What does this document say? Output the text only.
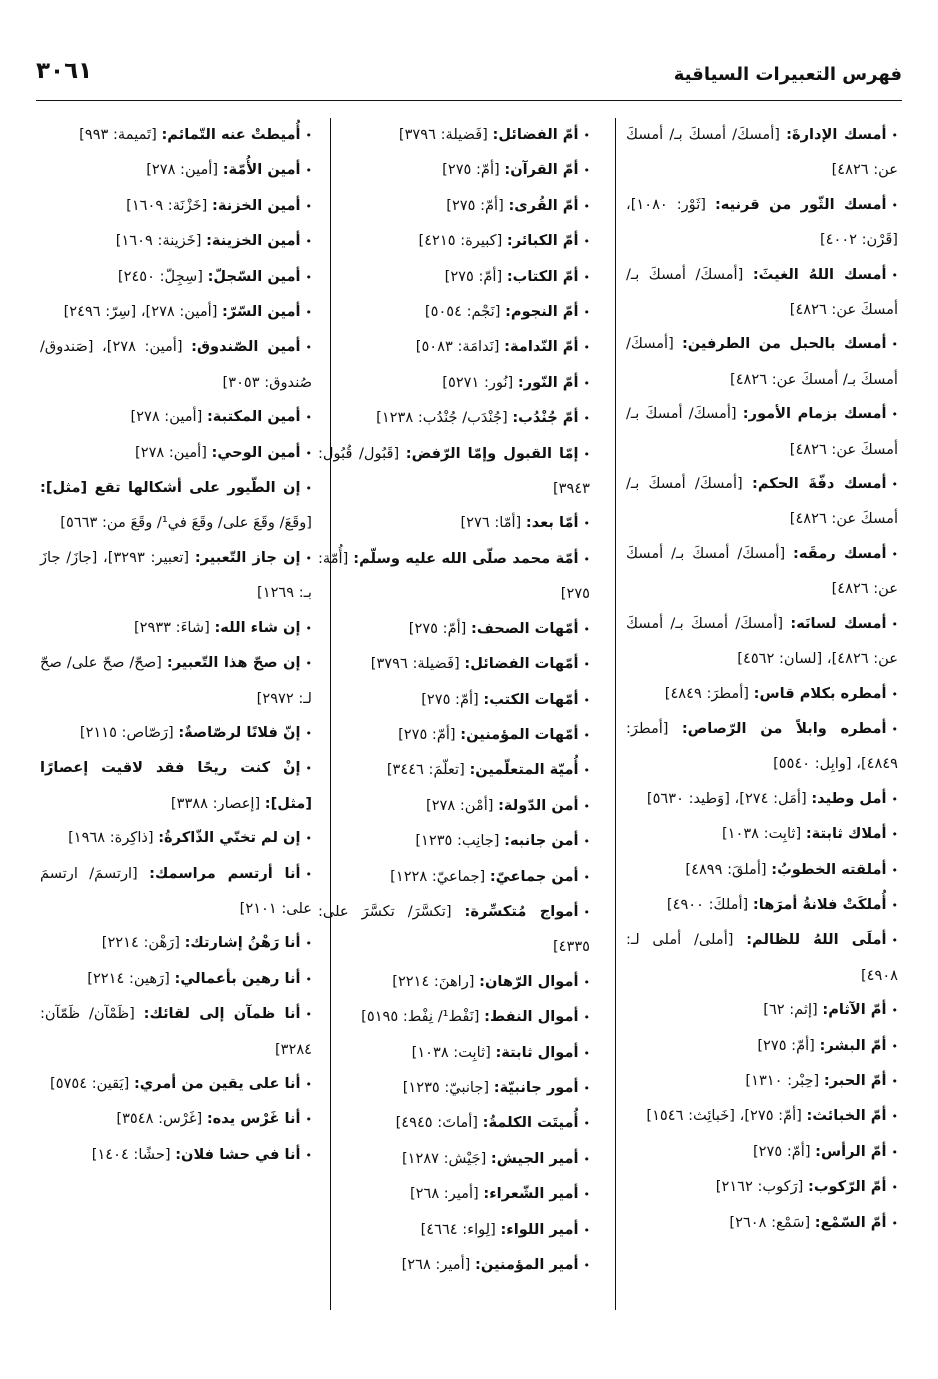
فهرس التعبيرات السياقية
٣٠٦١
•أمسك الإدارةَ: [أمسكَ/ أمسكَ بـ/ أمسكَ عن: ٤٨٢٦]
•أمسك الثّور من قرنيه: [ثَوْر: ١٠٨٠]، [قَرْن: ٤٠٠٢]
•أمسك اللهُ الغيثَ: [أمسكَ/ أمسكَ بـ/ أمسكَ عن: ٤٨٢٦]
•أمسك بالحبل من الطرفين: [أمسكَ/ أمسكَ بـ/ أمسكَ عن: ٤٨٢٦]
•أمسك بزمام الأمور: [أمسكَ/ أمسكَ بـ/ أمسكَ عن: ٤٨٢٦]
•أمسك دفّةَ الحكم: [أمسكَ/ أمسكَ بـ/ أمسكَ عن: ٤٨٢٦]
•أمسك رمقَه: [أمسكَ/ أمسكَ بـ/ أمسكَ عن: ٤٨٢٦]
•أمسك لسانَه: [أمسكَ/ أمسكَ بـ/ أمسكَ عن: ٤٨٢٦]، [لسان: ٤٥٦٢]
•أمطره بكلام قاس: [أمطرَ: ٤٨٤٩]
•أمطره وابلاً من الرّصاص: [أمطرَ: ٤٨٤٩]، [وابِل: ٥٥٤٠]
•أمل وطيد: [أمَل: ٢٧٤]، [وَطيد: ٥٦٣٠]
•أملاك ثابتة: [ثابِت: ١٠٣٨]
•أملقته الخطوبُ: [أملقَ: ٤٨٩٩]
•أُملكَتْ فلانةُ أمرَها: [أملكَ: ٤٩٠٠]
•أملَى اللهُ للظالم: [أملى/ أملى لـ: ٤٩٠٨]
•أمّ الآثام: [إثم: ٦٢]
•أمّ البشر: [أمّ: ٢٧٥]
•أمّ الحبر: [حِبْر: ١٣١٠]
•أمّ الخبائث: [أمّ: ٢٧٥]، [خَبائِث: ١٥٤٦]
•أمّ الرأس: [أمّ: ٢٧٥]
•أمّ الرّكوب: [رَكوب: ٢١٦٢]
•أمّ السّمْع: [سَمْع: ٢٦٠٨]
•أمّ الفضائل: [فَضيلة: ٣٧٩٦]
•أمّ القرآن: [أمّ: ٢٧٥]
•أمّ القُرى: [أمّ: ٢٧٥]
•أمّ الكبائر: [كبيرة: ٤٢١٥]
•أمّ الكتاب: [أمّ: ٢٧٥]
•أمّ النجوم: [نَجْم: ٥٠٥٤]
•أمّ النّدامة: [نَدامَة: ٥٠٨٣]
•أمّ النّور: [نُور: ٥٢٧١]
•أمّ جُنْدُب: [جُنْدَب/ جُنْدُب: ١٢٣٨]
•إمّا القبول وإمّا الرّفض: [قَبُول/ قُبُول: ٣٩٤٣]
•أمّا بعد: [أمّا: ٢٧٦]
•أمّة محمد صلّى الله عليه وسلّم: [أُمّة: ٢٧٥]
•أمّهات الصحف: [أمّ: ٢٧٥]
•أمّهات الفضائل: [فَضيلة: ٣٧٩٦]
•أمّهات الكتب: [أمّ: ٢٧٥]
•أمّهات المؤمنين: [أمّ: ٢٧٥]
•أُميّة المتعلّمين: [تعلّمَ: ٣٤٤٦]
•أمن الدّولة: [أمْن: ٢٧٨]
•أمن جانبه: [جانِب: ١٢٣٥]
•أمن جماعيّ: [جماعيّ: ١٢٢٨]
•أمواج مُتكسِّرة: [تكسَّرَ/ تكسَّرَ على: ٤٣٣٥]
•أموال الرّهان: [راهنَ: ٢٢١٤]
•أموال النفط: [نَفْط¹/ نِفْط: ٥١٩٥]
•أموال ثابتة: [ثابِت: ١٠٣٨]
•أمور جانبيّة: [جانبيّ: ١٢٣٥]
•أُميتَت الكلمةُ: [أماتَ: ٤٩٤٥]
•أمير الجيش: [جَيْش: ١٢٨٧]
•أمير الشّعراء: [أمير: ٢٦٨]
•أمير اللواء: [لِواء: ٤٦٦٤]
•أمير المؤمنين: [أمير: ٢٦٨]
•أُميطتْ عنه التّمائم: [تَميمة: ٩٩٣]
•أمين الأُمّة: [أمين: ٢٧٨]
•أمين الخزنة: [خَزْنَة: ١٦٠٩]
•أمين الخزينة: [خَزينة: ١٦٠٩]
•أمين السّجلّ: [سِجِلّ: ٢٤٥٠]
•أمين السّرّ: [أمين: ٢٧٨]، [سِرّ: ٢٤٩٦]
•أمين الصّندوق: [أمين: ٢٧٨]، [صَندوق/ صُندوق: ٣٠٥٣]
•أمين المكتبة: [أمين: ٢٧٨]
•أمين الوحي: [أمين: ٢٧٨]
•إن الطّيور على أشكالها تقع [مثل]: [وقَعَ/ وقَعَ على/ وقَعَ في¹/ وقَعَ من: ٥٦٦٣]
•إن جاز التّعبير: [تعبير: ٣٢٩٣]، [جازَ/ جازَ بـ: ١٢٦٩]
•إن شاء الله: [شاءَ: ٢٩٣٣]
•إن صحّ هذا التّعبير: [صحّ/ صحّ على/ صحّ لـ: ٢٩٧٢]
•إنّ فلانًا لرصّاصةٌ: [رَصّاص: ٢١١٥]
•إنْ كنت ريحًا فقد لاقيت إعصارًا [مثل]: [إعصار: ٣٣٨٨]
•إن لم تخنّي الذّاكرةُ: [ذاكِرة: ١٩٦٨]
•أنا أرتسم مراسمك: [ارتسمَ/ ارتسمَ على: ٢١٠١]
•أنا رَهْنُ إشارتك: [رَهْن: ٢٢١٤]
•أنا رهين بأعمالي: [رَهين: ٢٢١٤]
•أنا ظمآن إلى لقائك: [ظَمْآن/ ظَمّآن: ٣٢٨٤]
•أنا على يقين من أمري: [يَقين: ٥٧٥٤]
•أنا غَرْس يده: [غَرْس: ٣٥٤٨]
•أنا في حشا فلان: [حشًا: ١٤٠٤]
